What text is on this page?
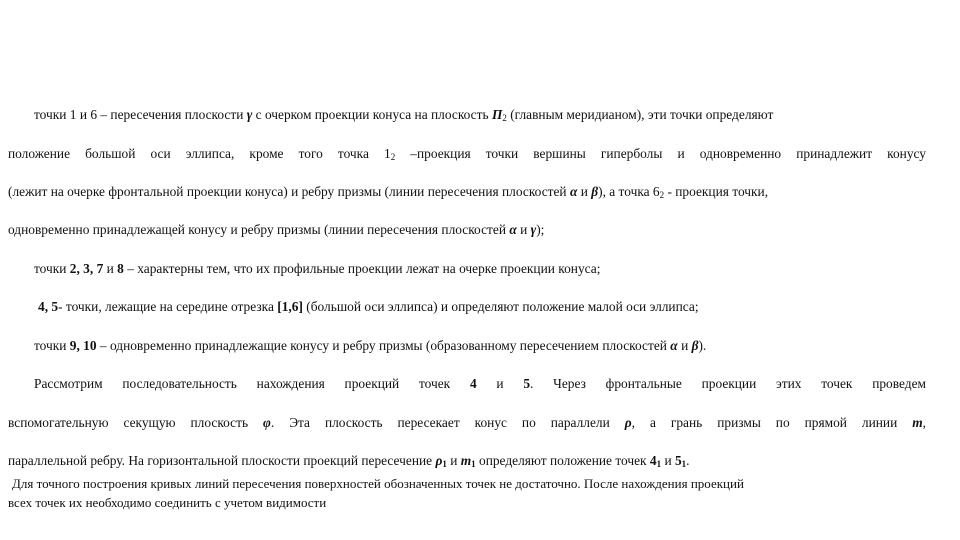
точки 1 и 6 – пересечения плоскости γ с очерком проекции конуса на плоскость $П_2$ (главным меридианом), эти точки определяют
положение большой оси эллипса, кроме того точка $1_2$ –проекция точки вершины гиперболы и одновременно принадлежит конусу
(лежит на очерке фронтальной проекции конуса) и ребру призмы (линии пересечения плоскостей α и β), а точка $6_2$ - проекция точки,
одновременно принадлежащей конусу и ребру призмы (линии пересечения плоскостей α и γ);
точки 2, 3, 7 и 8 – характерны тем, что их профильные проекции лежат на очерке проекции конуса;
4, 5- точки, лежащие на середине отрезка [1,6] (большой оси эллипса) и определяют положение малой оси эллипса;
точки 9, 10 – одновременно принадлежащие конусу и ребру призмы (образованному пересечением плоскостей α и β).
Рассмотрим последовательность нахождения проекций точек 4 и 5. Через фронтальные проекции этих точек проведем
вспомогательную секущую плоскость φ. Эта плоскость пересекает конус по параллели ρ, а грань призмы по прямой линии m,
параллельной ребру. На горизонтальной плоскости проекций пересечение $\rho_1$ и $m_1$ определяют положение точек $4_1$ и $5_1$.
Для точного построения кривых линий пересечения поверхностей обозначенных точек не достаточно. После нахождения проекций
всех точек их необходимо соединить с учетом видимости
